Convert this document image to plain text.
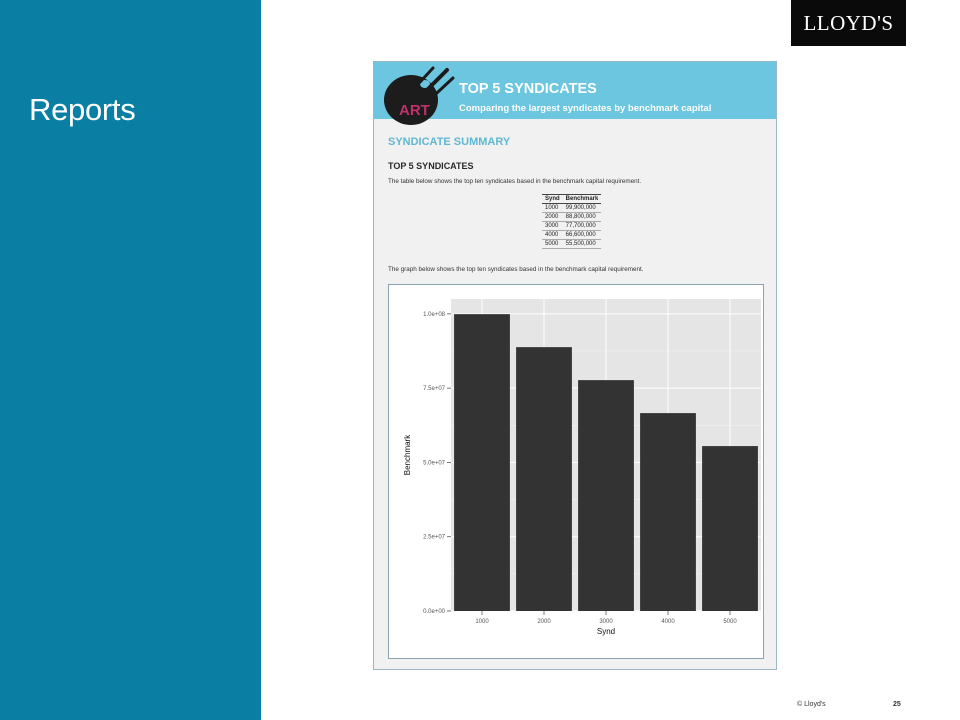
Reports
LLOYD'S
ART
TOP 5 SYNDICATES
Comparing the largest syndicates by benchmark capital
SYNDICATE SUMMARY
TOP 5 SYNDICATES
The table below shows the top ten syndicates based in the benchmark capital requirement.
Synd	Benchmark
1000	99,900,000
2000	88,800,000
3000	77,700,000
4000	66,600,000
5000	55,500,000
The graph below shows the top ten syndicates based in the benchmark capital requirement.
0.0e+00
2.5e+07
5.0e+07
7.5e+07
1.0e+08
1000	2000	3000	4000	5000
Synd
Benchmark
© Lloyd's	25
